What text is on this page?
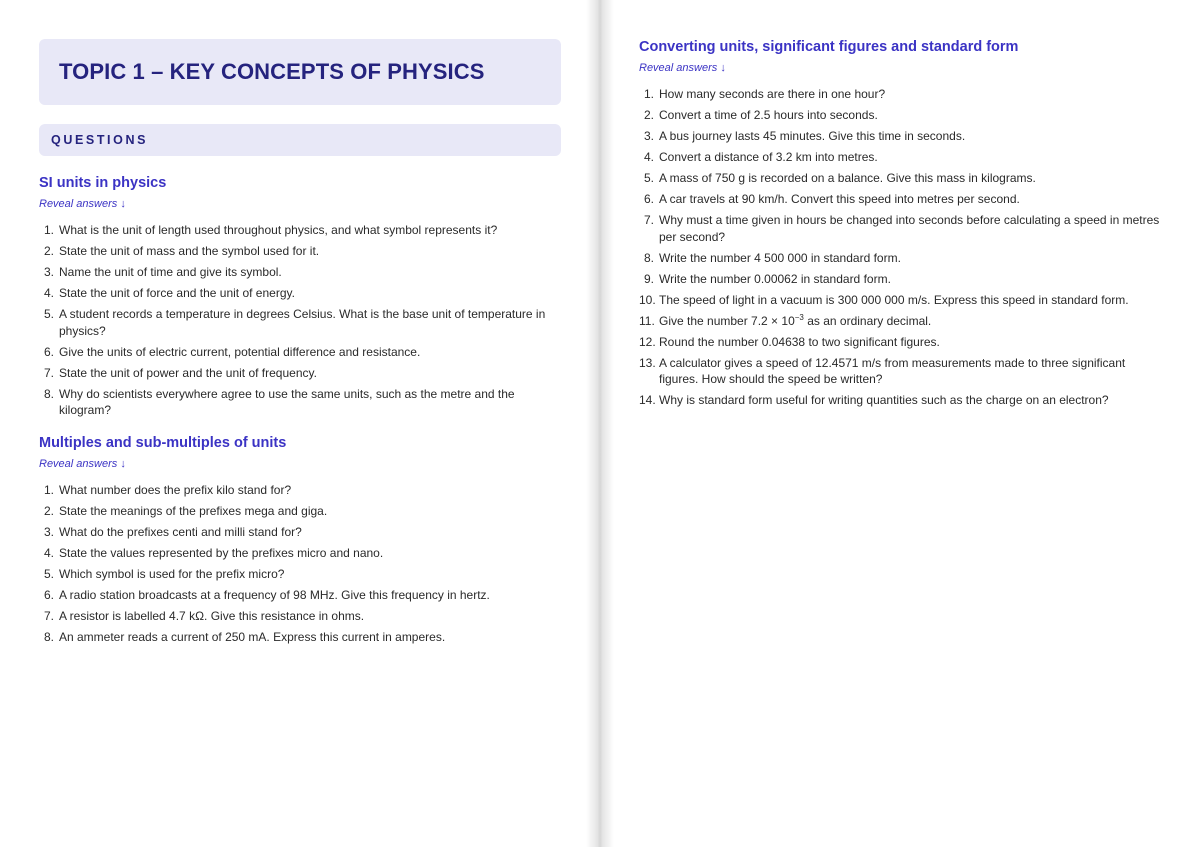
TOPIC 1 – KEY CONCEPTS OF PHYSICS
QUESTIONS
SI units in physics
Reveal answers ↓
1. What is the unit of length used throughout physics, and what symbol represents it?
2. State the unit of mass and the symbol used for it.
3. Name the unit of time and give its symbol.
4. State the unit of force and the unit of energy.
5. A student records a temperature in degrees Celsius. What is the base unit of temperature in physics?
6. Give the units of electric current, potential difference and resistance.
7. State the unit of power and the unit of frequency.
8. Why do scientists everywhere agree to use the same units, such as the metre and the kilogram?
Multiples and sub-multiples of units
Reveal answers ↓
1. What number does the prefix kilo stand for?
2. State the meanings of the prefixes mega and giga.
3. What do the prefixes centi and milli stand for?
4. State the values represented by the prefixes micro and nano.
5. Which symbol is used for the prefix micro?
6. A radio station broadcasts at a frequency of 98 MHz. Give this frequency in hertz.
7. A resistor is labelled 4.7 kΩ. Give this resistance in ohms.
8. An ammeter reads a current of 250 mA. Express this current in amperes.
Converting units, significant figures and standard form
Reveal answers ↓
1. How many seconds are there in one hour?
2. Convert a time of 2.5 hours into seconds.
3. A bus journey lasts 45 minutes. Give this time in seconds.
4. Convert a distance of 3.2 km into metres.
5. A mass of 750 g is recorded on a balance. Give this mass in kilograms.
6. A car travels at 90 km/h. Convert this speed into metres per second.
7. Why must a time given in hours be changed into seconds before calculating a speed in metres per second?
8. Write the number 4 500 000 in standard form.
9. Write the number 0.00062 in standard form.
10. The speed of light in a vacuum is 300 000 000 m/s. Express this speed in standard form.
11. Give the number $7.2 \times 10^{-3}$ as an ordinary decimal.
12. Round the number 0.04638 to two significant figures.
13. A calculator gives a speed of 12.4571 m/s from measurements made to three significant figures. How should the speed be written?
14. Why is standard form useful for writing quantities such as the charge on an electron?
